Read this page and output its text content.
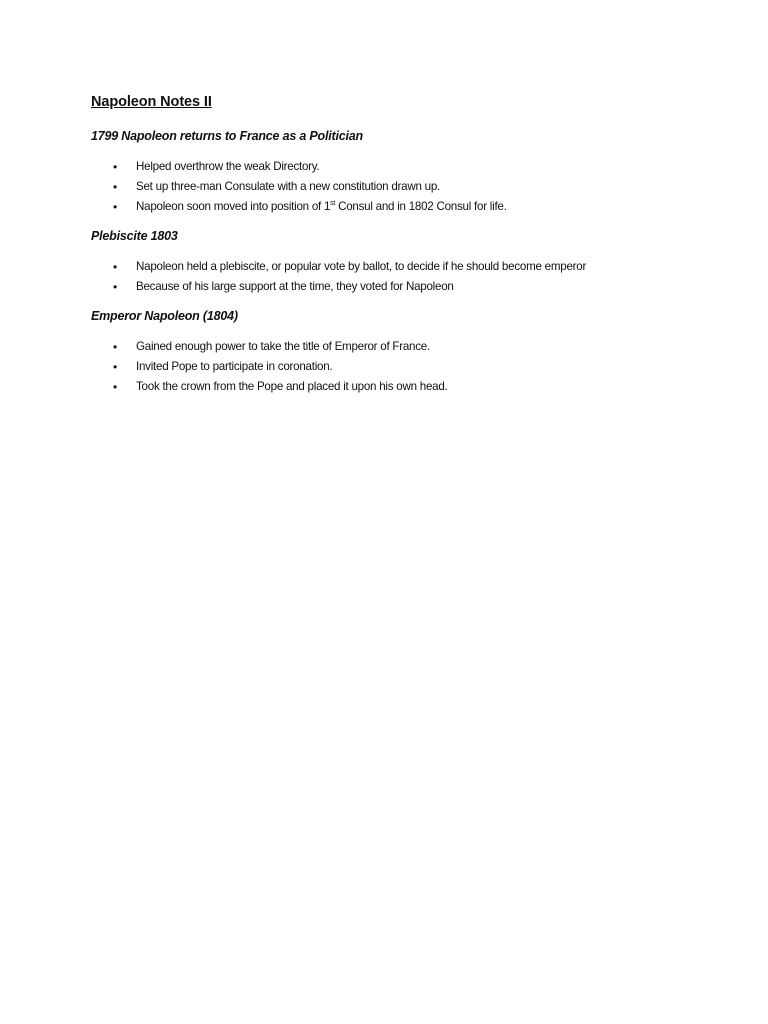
Napoleon Notes II
1799 Napoleon returns to France as a Politician
• Helped overthrow the weak Directory.
• Set up three-man Consulate with a new constitution drawn up.
• Napoleon soon moved into position of 1st Consul and in 1802 Consul for life.
Plebiscite 1803
• Napoleon held a plebiscite, or popular vote by ballot, to decide if he should become emperor
• Because of his large support at the time, they voted for Napoleon
Emperor Napoleon (1804)
• Gained enough power to take the title of Emperor of France.
• Invited Pope to participate in coronation.
• Took the crown from the Pope and placed it upon his own head.
